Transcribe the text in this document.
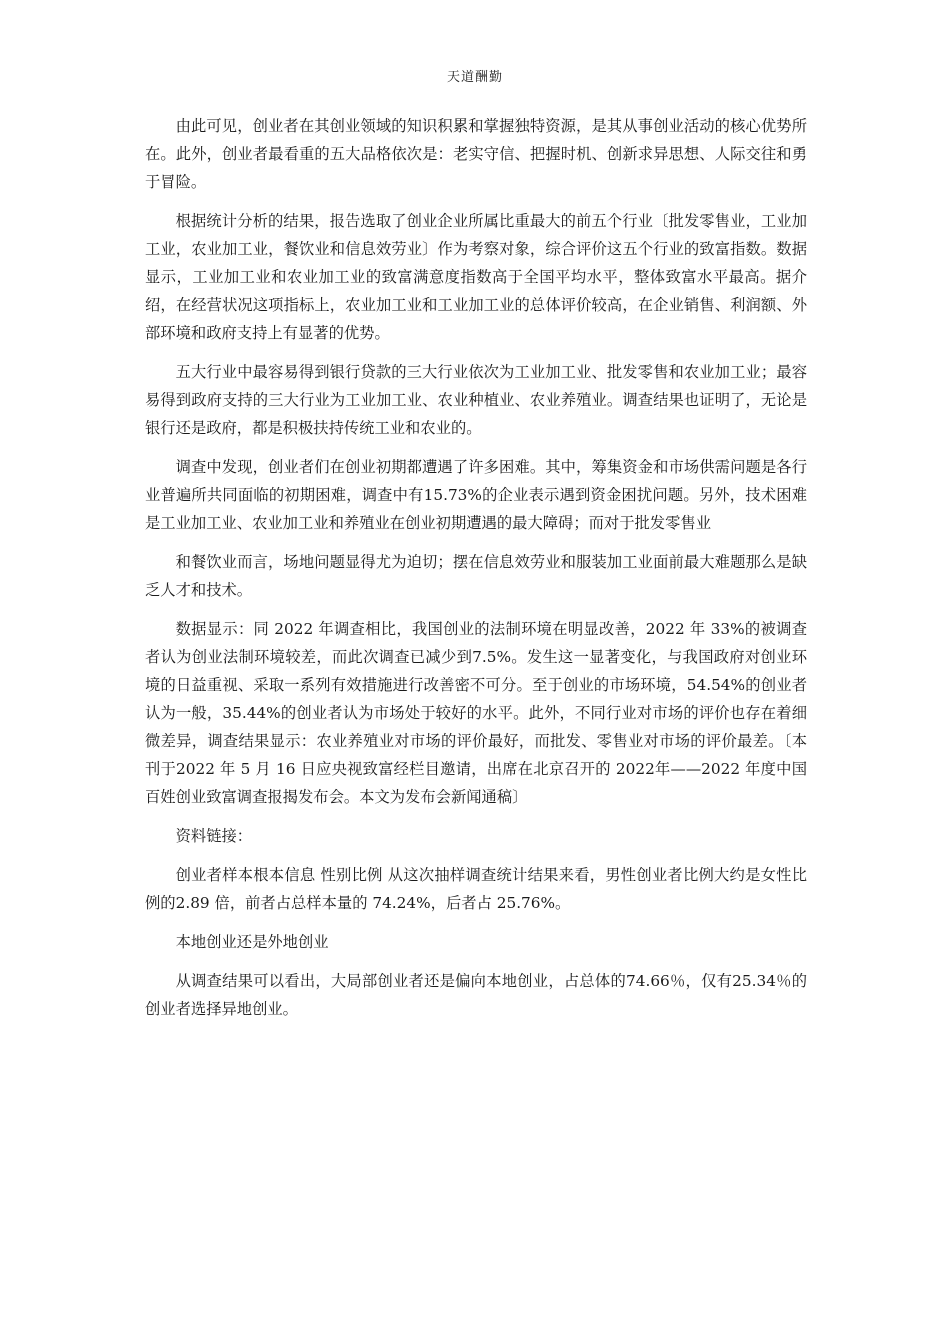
天道酬勤

由此可见，创业者在其创业领域的知识积累和掌握独特资源，是其从事创业活动的核心优势所在。此外，创业者最看重的五大品格依次是：老实守信、把握时机、创新求异思想、人际交往和勇于冒险。

根据统计分析的结果，报告选取了创业企业所属比重最大的前五个行业〔批发零售业，工业加工业，农业加工业，餐饮业和信息效劳业〕作为考察对象，综合评价这五个行业的致富指数。数据显示，工业加工业和农业加工业的致富满意度指数高于全国平均水平，整体致富水平最高。据介绍，在经营状况这项指标上，农业加工业和工业加工业的总体评价较高，在企业销售、利润额、外部环境和政府支持上有显著的优势。

五大行业中最容易得到银行贷款的三大行业依次为工业加工业、批发零售和农业加工业；最容易得到政府支持的三大行业为工业加工业、农业种植业、农业养殖业。调查结果也证明了，无论是银行还是政府，都是积极扶持传统工业和农业的。

调查中发现，创业者们在创业初期都遭遇了许多困难。其中，筹集资金和市场供需问题是各行业普遍所共同面临的初期困难，调查中有15.73%的企业表示遇到资金困扰问题。另外，技术困难是工业加工业、农业加工业和养殖业在创业初期遭遇的最大障碍；而对于批发零售业

和餐饮业而言，场地问题显得尤为迫切；摆在信息效劳业和服装加工业面前最大难题那么是缺乏人才和技术。

数据显示：同 2022 年调查相比，我国创业的法制环境在明显改善，2022 年 33%的被调查者认为创业法制环境较差，而此次调查已减少到7.5%。发生这一显著变化，与我国政府对创业环境的日益重视、采取一系列有效措施进行改善密不可分。至于创业的市场环境，54.54%的创业者认为一般，35.44%的创业者认为市场处于较好的水平。此外，不同行业对市场的评价也存在着细微差异，调查结果显示：农业养殖业对市场的评价最好，而批发、零售业对市场的评价最差。〔本刊于2022 年 5 月 16 日应央视致富经栏目邀请，出席在北京召开的 2022年——2022 年度中国百姓创业致富调查报揭发布会。本文为发布会新闻通稿〕

资料链接：

创业者样本根本信息 性别比例 从这次抽样调查统计结果来看，男性创业者比例大约是女性比例的2.89 倍，前者占总样本量的 74.24%，后者占 25.76%。

本地创业还是外地创业

从调查结果可以看出，大局部创业者还是偏向本地创业，占总体的74.66％，仅有25.34％的创业者选择异地创业。
